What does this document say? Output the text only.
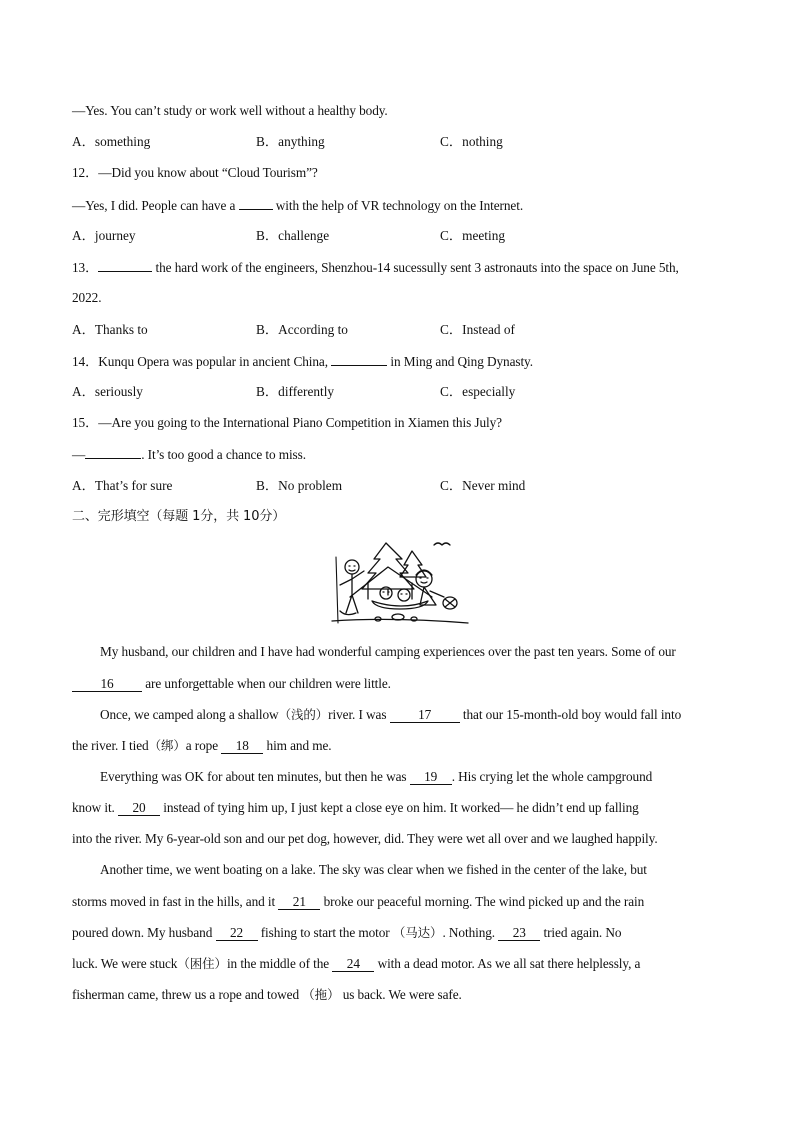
—Yes. You can’t study or work well without a healthy body.
A．something	B．anything	C．nothing
12．—Did you know about “Cloud Tourism”?
—Yes, I did. People can have a	with the help of VR technology on the Internet.
A．journey	B．challenge	C．meeting
13．	the hard work of the engineers, Shenzhou-14 sucessully sent 3 astronauts into the space on June 5th,
2022.
A．Thanks to	B．According to	C．Instead of
14．Kunqu Opera was popular in ancient China,	in Ming and Qing Dynasty.
A．seriously	B．differently	C．especially
15．—Are you going to the International Piano Competition in Xiamen this July?
—	. It’s too good a chance to miss.
A．That’s for sure	B．No problem	C．Never mind
二、完形填空（每题 1分，共 10分）
My husband, our children and I have had wonderful camping experiences over the past ten years. Some of our
16 are unforgettable when our children were little.
Once, we camped along a shallow（浅的）river. I was 17 that our 15-month-old boy would fall into
the river. I tied（绑）a rope 18 him and me.
Everything was OK for about ten minutes, but then he was 19 . His crying let the whole campground
know it. 20 instead of tying him up, I just kept a close eye on him. It worked— he didn’t end up falling
into the river. My 6-year-old son and our pet dog, however, did. They were wet all over and we laughed happily.
Another time, we went boating on a lake. The sky was clear when we fished in the center of the lake, but
storms moved in fast in the hills, and it 21 broke our peaceful morning. The wind picked up and the rain
poured down. My husband 22 fishing to start the motor （马达）. Nothing. 23 tried again. No
luck. We were stuck（困住）in the middle of the 24 with a dead motor. As we all sat there helplessly, a
fisherman came, threw us a rope and towed （拖） us back. We were safe.
